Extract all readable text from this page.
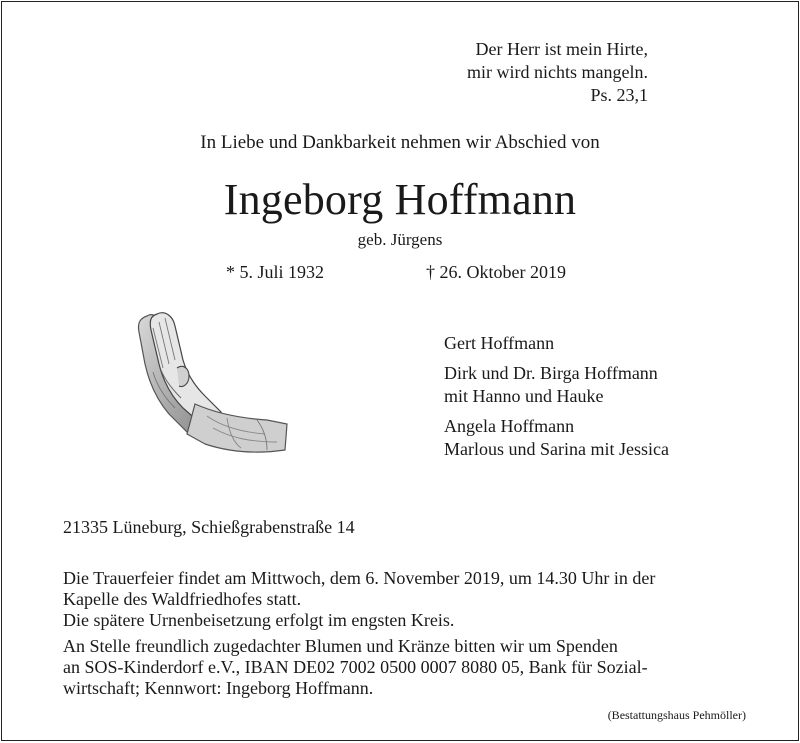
Der Herr ist mein Hirte,
mir wird nichts mangeln.
Ps. 23,1
In Liebe und Dankbarkeit nehmen wir Abschied von
Ingeborg Hoffmann
geb. Jürgens
* 5. Juli 1932	† 26. Oktober 2019
Gert Hoffmann
Dirk und Dr. Birga Hoffmann
mit Hanno und Hauke
Angela Hoffmann
Marlous und Sarina mit Jessica
21335 Lüneburg, Schießgrabenstraße 14
Die Trauerfeier findet am Mittwoch, dem 6. November 2019, um 14.30 Uhr in der
Kapelle des Waldfriedhofes statt.
Die spätere Urnenbeisetzung erfolgt im engsten Kreis.
An Stelle freundlich zugedachter Blumen und Kränze bitten wir um Spenden
an SOS-Kinderdorf e.V., IBAN DE02 7002 0500 0007 8080 05, Bank für Sozial-
wirtschaft; Kennwort: Ingeborg Hoffmann.
(Bestattungshaus Pehmöller)
